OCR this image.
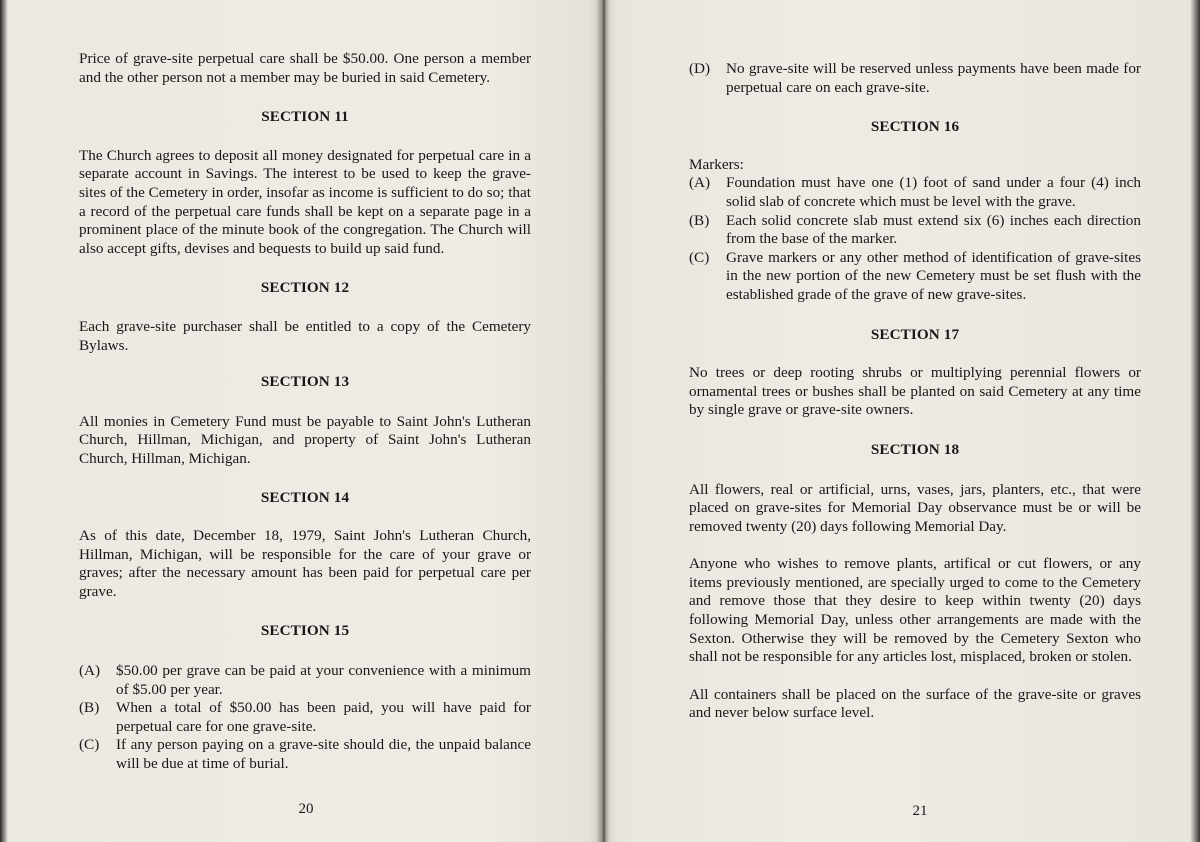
Price of grave-site perpetual care shall be $50.00. One person a member and the other person not a member may be buried in said Cemetery.

SECTION 11

The Church agrees to deposit all money designated for perpetual care in a separate account in Savings. The interest to be used to keep the grave-sites of the Cemetery in order, insofar as income is sufficient to do so; that a record of the perpetual care funds shall be kept on a separate page in a prominent place of the minute book of the congregation. The Church will also accept gifts, devises and bequests to build up said fund.

SECTION 12

Each grave-site purchaser shall be entitled to a copy of the Cemetery Bylaws.

SECTION 13

All monies in Cemetery Fund must be payable to Saint John's Lutheran Church, Hillman, Michigan, and property of Saint John's Lutheran Church, Hillman, Michigan.

SECTION 14

As of this date, December 18, 1979, Saint John's Lutheran Church, Hillman, Michigan, will be responsible for the care of your grave or graves; after the necessary amount has been paid for perpetual care per grave.

SECTION 15

(A) $50.00 per grave can be paid at your convenience with a minimum of $5.00 per year.
(B) When a total of $50.00 has been paid, you will have paid for perpetual care for one grave-site.
(C) If any person paying on a grave-site should die, the unpaid balance will be due at time of burial.
20
(D) No grave-site will be reserved unless payments have been made for perpetual care on each grave-site.

SECTION 16

Markers:

(A) Foundation must have one (1) foot of sand under a four (4) inch solid slab of concrete which must be level with the grave.
(B) Each solid concrete slab must extend six (6) inches each direction from the base of the marker.
(C) Grave markers or any other method of identification of grave-sites in the new portion of the new Cemetery must be set flush with the established grade of the grave of new grave-sites.

SECTION 17

No trees or deep rooting shrubs or multiplying perennial flowers or ornamental trees or bushes shall be planted on said Cemetery at any time by single grave or grave-site owners.

SECTION 18

All flowers, real or artificial, urns, vases, jars, planters, etc., that were placed on grave-sites for Memorial Day observance must be or will be removed twenty (20) days following Memorial Day.

Anyone who wishes to remove plants, artifical or cut flowers, or any items previously mentioned, are specially urged to come to the Cemetery and remove those that they desire to keep within twenty (20) days following Memorial Day, unless other arrangements are made with the Sexton. Otherwise they will be removed by the Cemetery Sexton who shall not be responsible for any articles lost, misplaced, broken or stolen.

All containers shall be placed on the surface of the grave-site or graves and never below surface level.

21
